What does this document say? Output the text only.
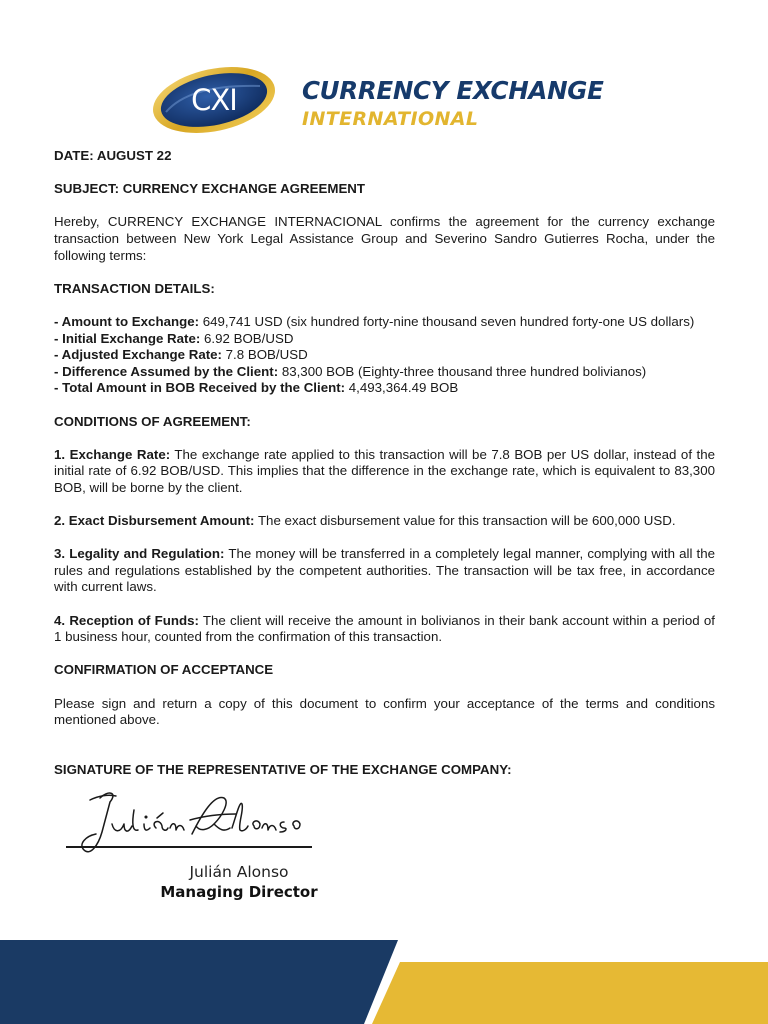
CXI	CURRENCY EXCHANGE
INTERNATIONAL

DATE: AUGUST 22

SUBJECT: CURRENCY EXCHANGE AGREEMENT

Hereby, CURRENCY EXCHANGE INTERNACIONAL confirms the agreement for the currency exchange transaction between New York Legal Assistance Group and Severino Sandro Gutierres Rocha, under the following terms:

TRANSACTION DETAILS:

- Amount to Exchange: 649,741 USD (six hundred forty-nine thousand seven hundred forty-one US dollars)

- Initial Exchange Rate: 6.92 BOB/USD

- Adjusted Exchange Rate: 7.8 BOB/USD

- Difference Assumed by the Client: 83,300 BOB (Eighty-three thousand three hundred bolivianos)

- Total Amount in BOB Received by the Client: 4,493,364.49 BOB

CONDITIONS OF AGREEMENT:

1. Exchange Rate: The exchange rate applied to this transaction will be 7.8 BOB per US dollar, instead of the initial rate of 6.92 BOB/USD. This implies that the difference in the exchange rate, which is equivalent to 83,300 BOB, will be borne by the client.

2. Exact Disbursement Amount: The exact disbursement value for this transaction will be 600,000 USD.

3. Legality and Regulation: The money will be transferred in a completely legal manner, complying with all the rules and regulations established by the competent authorities. The transaction will be tax free, in accordance with current laws.

4. Reception of Funds: The client will receive the amount in bolivianos in their bank account within a period of 1 business hour, counted from the confirmation of this transaction.

CONFIRMATION OF ACCEPTANCE

Please sign and return a copy of this document to confirm your acceptance of the terms and conditions mentioned above.

SIGNATURE OF THE REPRESENTATIVE OF THE EXCHANGE COMPANY:

Julián Alonso
Managing Director
